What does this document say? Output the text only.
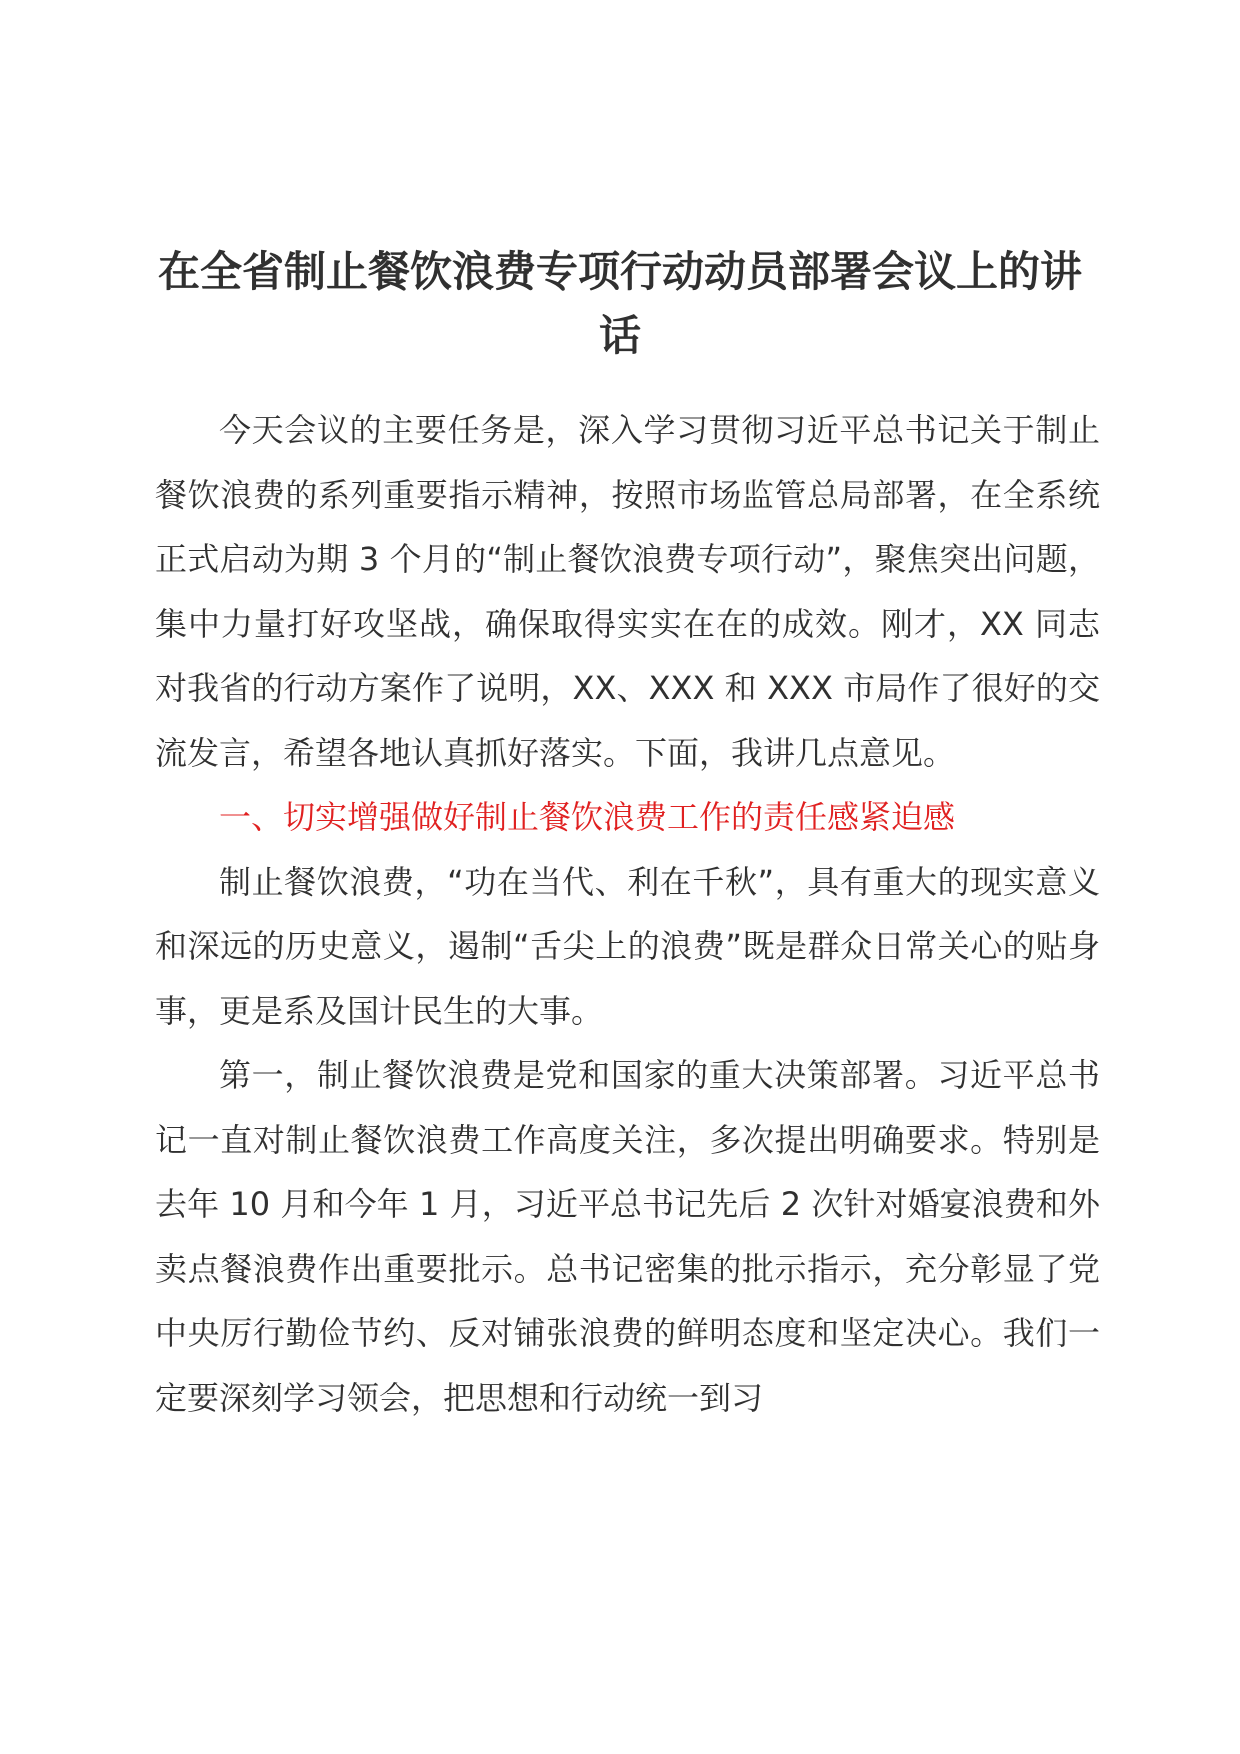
在全省制止餐饮浪费专项行动动员部署会议上的讲话

今天会议的主要任务是，深入学习贯彻习近平总书记关于制止餐饮浪费的系列重要指示精神，按照市场监管总局部署，在全系统正式启动为期 3 个月的“制止餐饮浪费专项行动”，聚焦突出问题，集中力量打好攻坚战，确保取得实实在在的成效。刚才，XX 同志对我省的行动方案作了说明，XX、XXX 和 XXX 市局作了很好的交流发言，希望各地认真抓好落实。下面，我讲几点意见。

一、切实增强做好制止餐饮浪费工作的责任感紧迫感

制止餐饮浪费，“功在当代、利在千秋”，具有重大的现实意义和深远的历史意义，遏制“舌尖上的浪费”既是群众日常关心的贴身事，更是系及国计民生的大事。

第一，制止餐饮浪费是党和国家的重大决策部署。习近平总书记一直对制止餐饮浪费工作高度关注，多次提出明确要求。特别是去年 10 月和今年 1 月，习近平总书记先后 2 次针对婚宴浪费和外卖点餐浪费作出重要批示。总书记密集的批示指示，充分彰显了党中央厉行勤俭节约、反对铺张浪费的鲜明态度和坚定决心。我们一定要深刻学习领会，把思想和行动统一到习
